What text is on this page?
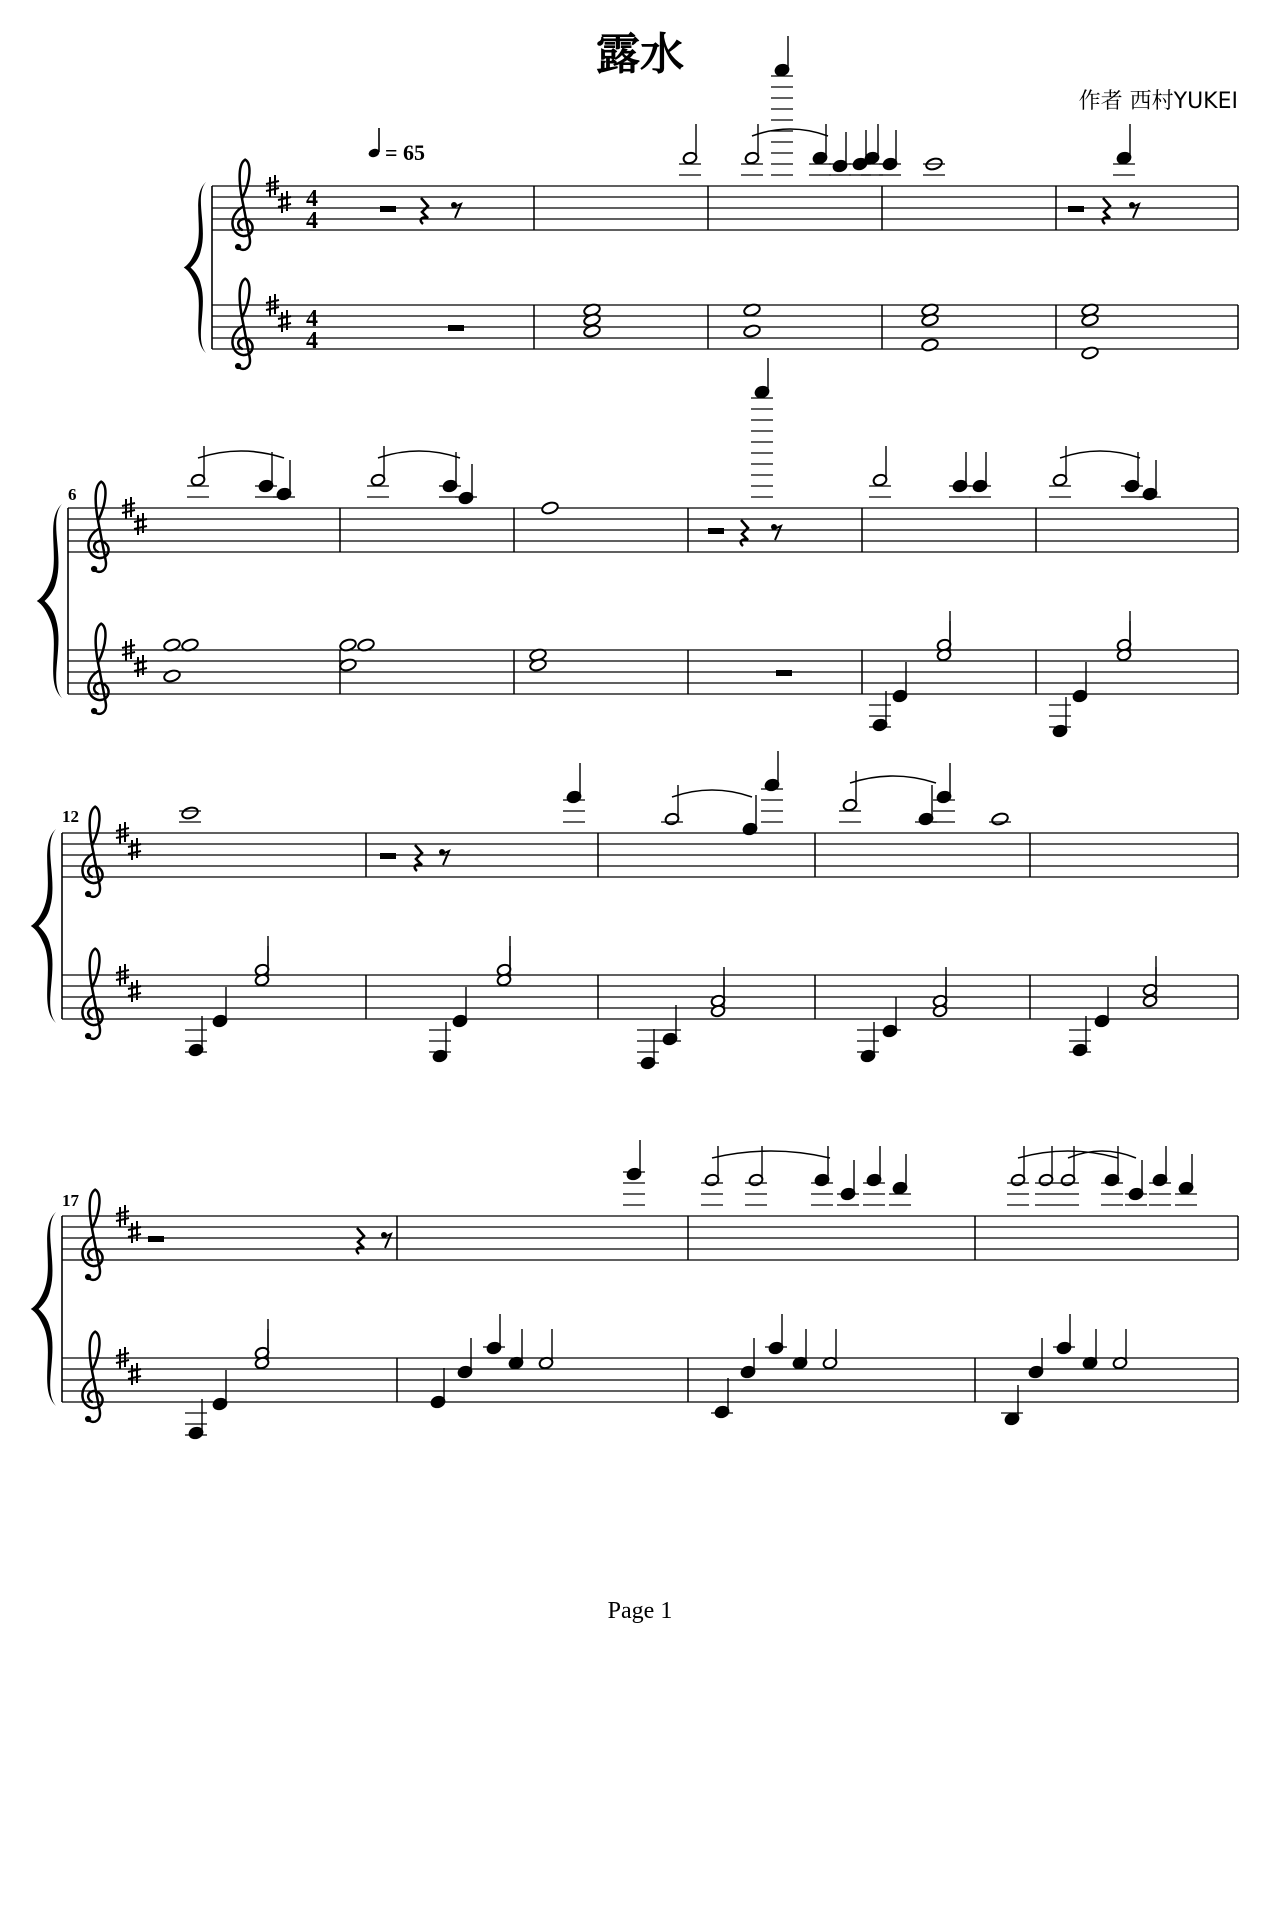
露水
作者 西村YUKEI
Page 1
= 65
4
4
4
4
6
12
17
